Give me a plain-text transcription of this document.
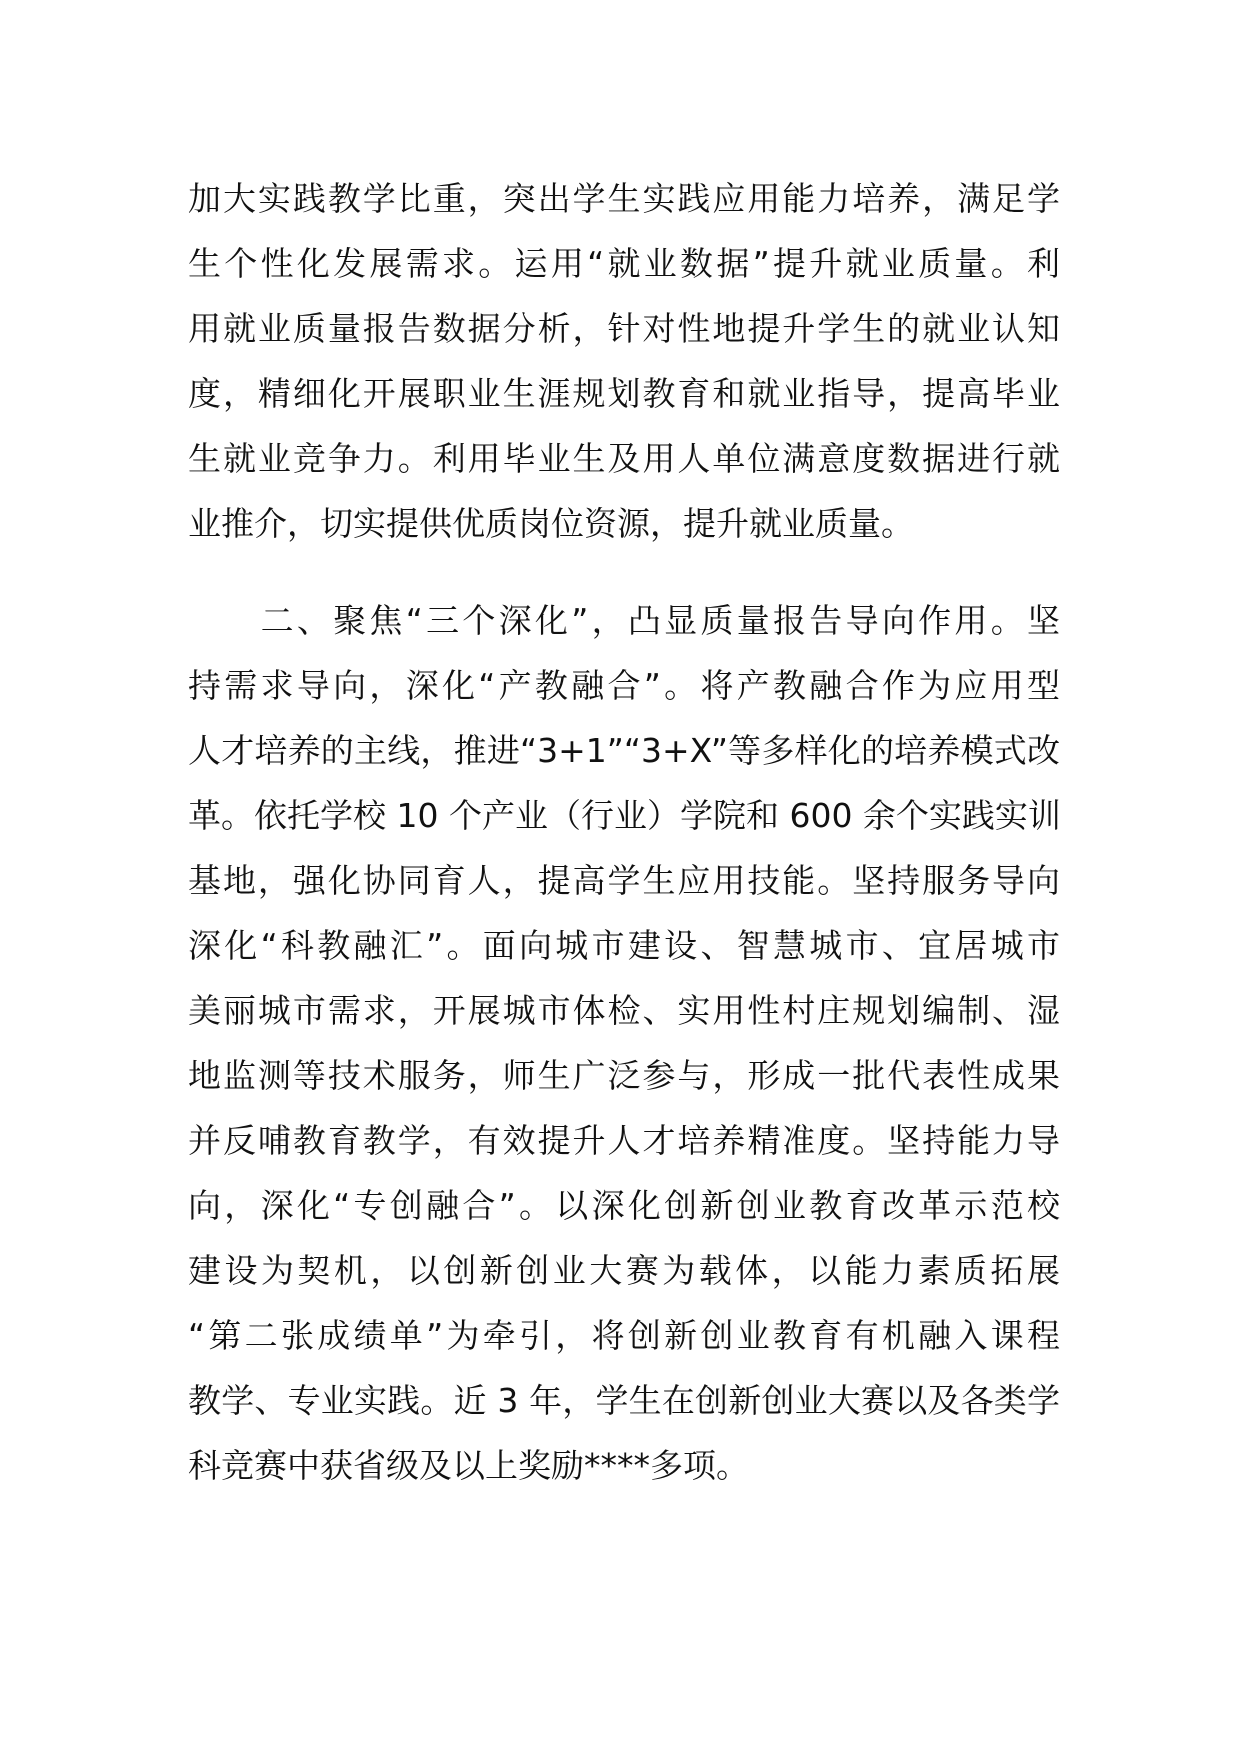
加大实践教学比重，突出学生实践应用能力培养，满足学
生个性化发展需求。运用“就业数据”提升就业质量。利
用就业质量报告数据分析，针对性地提升学生的就业认知
度，精细化开展职业生涯规划教育和就业指导，提高毕业
生就业竞争力。利用毕业生及用人单位满意度数据进行就
业推介，切实提供优质岗位资源，提升就业质量。
　　二、聚焦“三个深化”，凸显质量报告导向作用。坚
持需求导向，深化“产教融合”。将产教融合作为应用型
人才培养的主线，推进“3+1”“3+X”等多样化的培养模式改
革。依托学校 10 个产业（行业）学院和 600 余个实践实训
基地，强化协同育人，提高学生应用技能。坚持服务导向
深化“科教融汇”。面向城市建设、智慧城市、宜居城市
美丽城市需求，开展城市体检、实用性村庄规划编制、湿
地监测等技术服务，师生广泛参与，形成一批代表性成果
并反哺教育教学，有效提升人才培养精准度。坚持能力导
向，深化“专创融合”。以深化创新创业教育改革示范校
建设为契机，以创新创业大赛为载体，以能力素质拓展
“第二张成绩单”为牵引，将创新创业教育有机融入课程
教学、专业实践。近 3 年，学生在创新创业大赛以及各类学
科竞赛中获省级及以上奖励****多项。
